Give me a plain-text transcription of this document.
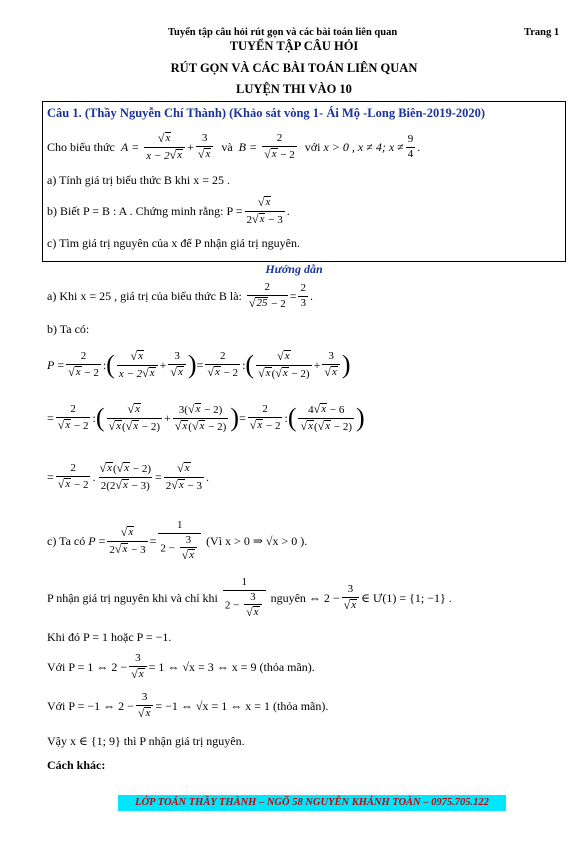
Tuyển tập câu hỏi rút gọn và các bài toán liên quan	Trang 1
TUYỂN TẬP CÂU HỎI
RÚT GỌN VÀ CÁC BÀI TOÁN LIÊN QUAN
LUYỆN THI VÀO 10
Câu 1. (Thầy Nguyễn Chí Thành) (Khảo sát vòng 1- Ái Mộ -Long Biên-2019-2020)
Cho biểu thức
$A = \frac{√ x}{x - 2 √ x} + \frac{3}{√ x}$
và
$B = \frac{2}{√ x - 2}$
với
x > 0 , x ≠ 4; $x \ne \frac{9}{4}$ .
a) Tính giá trị biểu thức B khi x = 25 .
b) Biết P = B : A . Chứng minh rằng: $P = \frac{√ x}{2 √ x - 3}$ .
c) Tìm giá trị nguyên của x để P nhận giá trị nguyên.
Hướng dẫn
a) Khi x = 25 , giá trị của biểu thức B là:
$\frac{2}{√ 25 - 2} = \frac{2}{3}$ .
b) Ta có:
$P = \frac{2}{√ x - 2}$ : ( $\frac{√ x}{x - 2 √ x} + \frac{3}{√ x}$ ) = $\frac{2}{√ x - 2}$ : ( $\frac{√ x}{√ x ( √ x - 2)} + \frac{3}{√ x}$ )
= $\frac{2}{√ x - 2}$ : ( $\frac{√ x}{√ x ( √ x - 2)} + \frac{3( √ x - 2)}{√ x ( √ x - 2)}$ ) = $\frac{2}{√ x - 2}$ : ( $\frac{4 √ x - 6}{√ x ( √ x - 2)}$ )
= $\frac{2}{√ x - 2}$ . $\frac{√ x ( √ x - 2)}{2(2 √ x - 3)} = \frac{√ x}{2 √ x - 3}$ .
c) Ta có
$P = \frac{√ x}{2 √ x - 3} = \frac{1}{2 - \frac{3}{√ x}}$
(Vì x > 0 ⇒ √x > 0 ).
P nhận giá trị nguyên khi và chỉ khi
$\frac{1}{2 - \frac{3}{√ x}}$
nguyên ⇔ $2 - \frac{3}{√ x}$ ∈ Ư(1) = {1; −1} .
Khi đó P = 1 hoặc P = −1.
Với P = 1 ⇔ $2 - \frac{3}{√ x} = 1$ ⇔ √x = 3 ⇔ x = 9 (thỏa mãn).
Với P = −1 ⇔ $2 - \frac{3}{√ x} = -1$ ⇔ √x = 1 ⇔ x = 1 (thỏa mãn).
Vậy x ∈ {1; 9} thì P nhận giá trị nguyên.
Cách khác:
LỚP TOÁN THẦY THÀNH – NGÕ 58 NGUYỄN KHÁNH TOÀN – 0975.705.122
